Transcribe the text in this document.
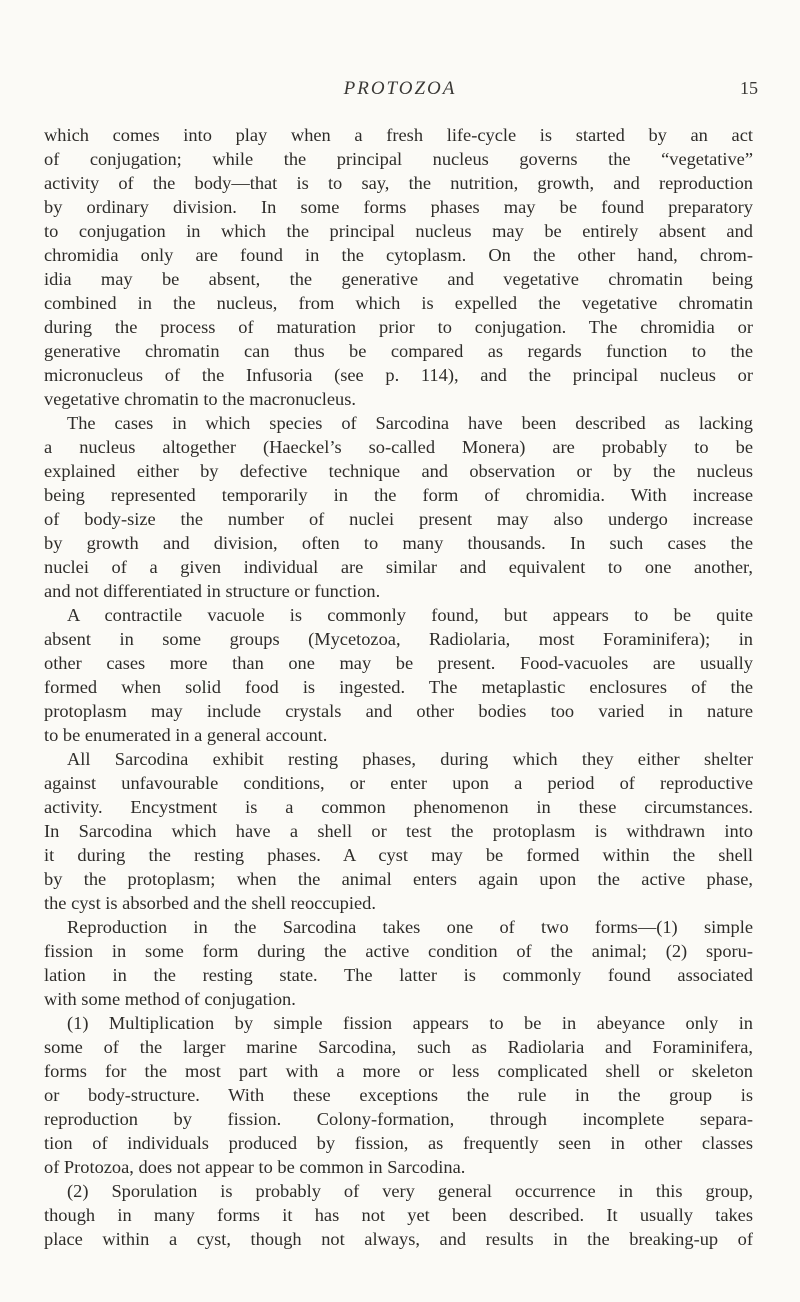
PROTOZOA	15
which comes into play when a fresh life-cycle is started by an act
of conjugation; while the principal nucleus governs the “vegetative”
activity of the body—that is to say, the nutrition, growth, and reproduction
by ordinary division. In some forms phases may be found preparatory
to conjugation in which the principal nucleus may be entirely absent and
chromidia only are found in the cytoplasm. On the other hand, chrom-
idia may be absent, the generative and vegetative chromatin being
combined in the nucleus, from which is expelled the vegetative chromatin
during the process of maturation prior to conjugation. The chromidia or
generative chromatin can thus be compared as regards function to the
micronucleus of the Infusoria (see p. 114), and the principal nucleus or
vegetative chromatin to the macronucleus.
The cases in which species of Sarcodina have been described as lacking
a nucleus altogether (Haeckel’s so-called Monera) are probably to be
explained either by defective technique and observation or by the nucleus
being represented temporarily in the form of chromidia. With increase
of body-size the number of nuclei present may also undergo increase
by growth and division, often to many thousands. In such cases the
nuclei of a given individual are similar and equivalent to one another,
and not differentiated in structure or function.
A contractile vacuole is commonly found, but appears to be quite
absent in some groups (Mycetozoa, Radiolaria, most Foraminifera); in
other cases more than one may be present. Food-vacuoles are usually
formed when solid food is ingested. The metaplastic enclosures of the
protoplasm may include crystals and other bodies too varied in nature
to be enumerated in a general account.
All Sarcodina exhibit resting phases, during which they either shelter
against unfavourable conditions, or enter upon a period of reproductive
activity. Encystment is a common phenomenon in these circumstances.
In Sarcodina which have a shell or test the protoplasm is withdrawn into
it during the resting phases. A cyst may be formed within the shell
by the protoplasm; when the animal enters again upon the active phase,
the cyst is absorbed and the shell reoccupied.
Reproduction in the Sarcodina takes one of two forms—(1) simple
fission in some form during the active condition of the animal; (2) sporu-
lation in the resting state. The latter is commonly found associated
with some method of conjugation.
(1) Multiplication by simple fission appears to be in abeyance only in
some of the larger marine Sarcodina, such as Radiolaria and Foraminifera,
forms for the most part with a more or less complicated shell or skeleton
or body-structure. With these exceptions the rule in the group is
reproduction by fission. Colony-formation, through incomplete separa-
tion of individuals produced by fission, as frequently seen in other classes
of Protozoa, does not appear to be common in Sarcodina.
(2) Sporulation is probably of very general occurrence in this group,
though in many forms it has not yet been described. It usually takes
place within a cyst, though not always, and results in the breaking-up of
